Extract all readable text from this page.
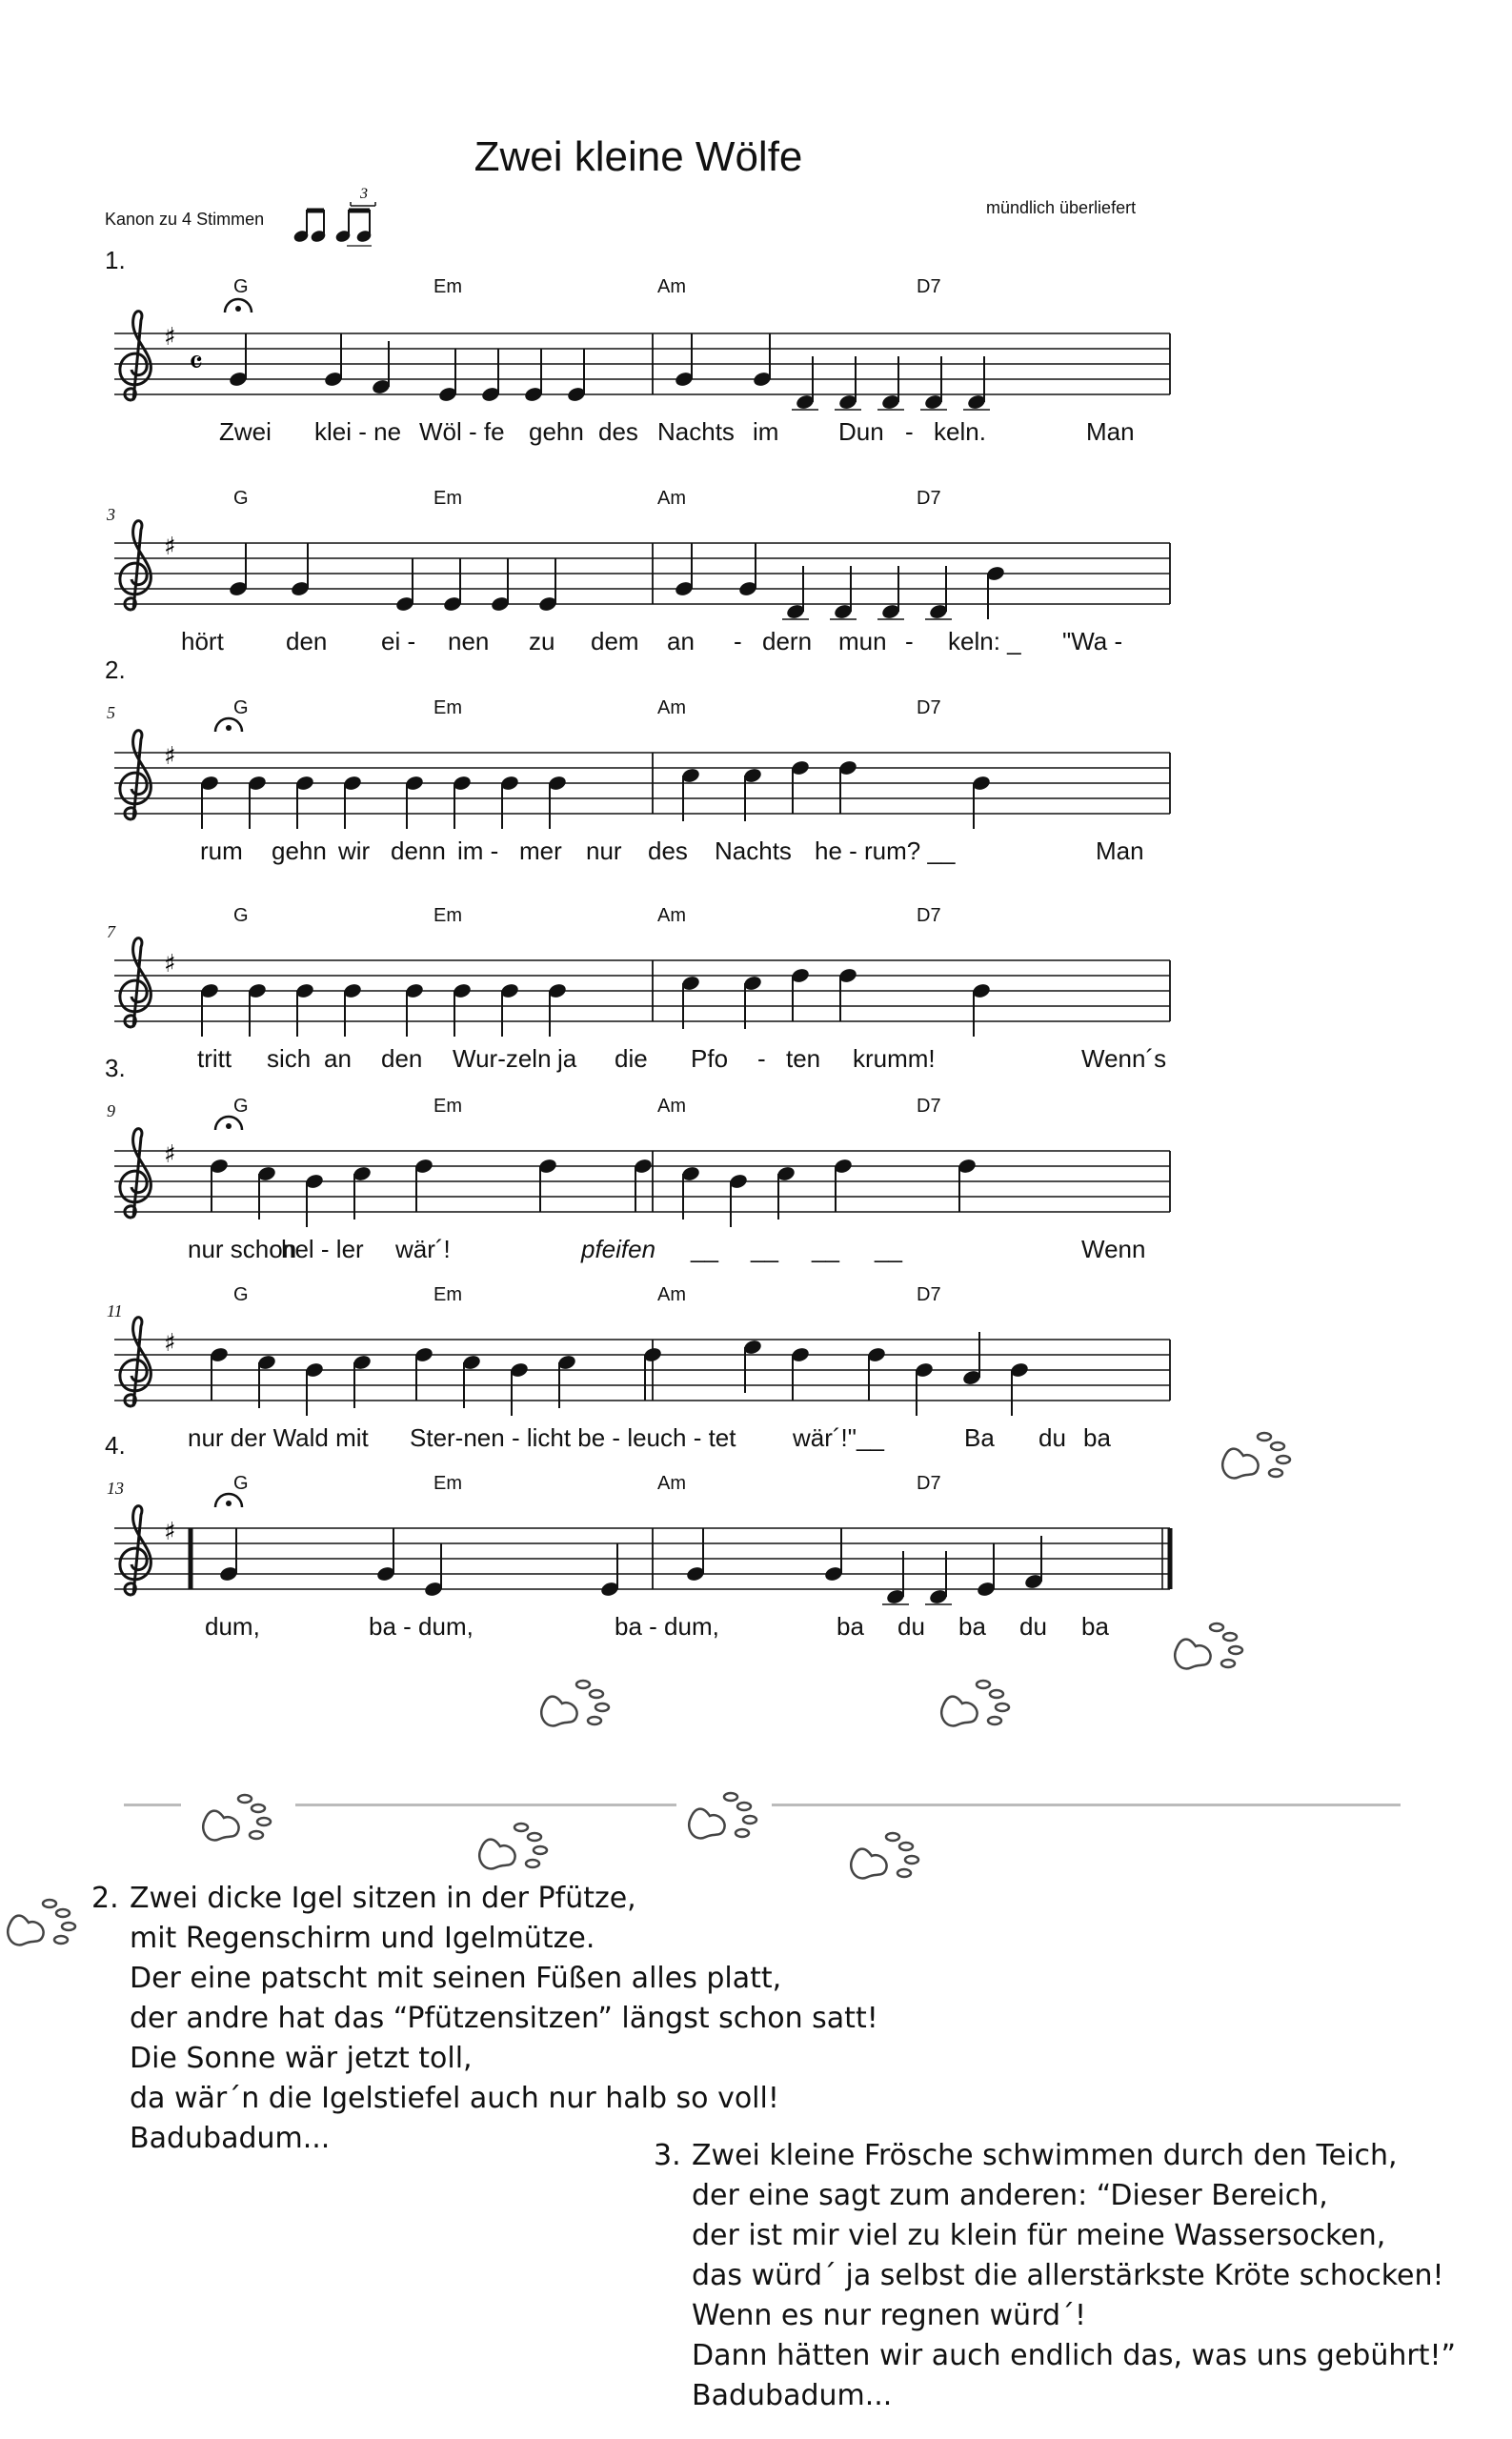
Zwei kleine Wölfe
Kanon zu 4 Stimmen
mündlich überliefert
3
1.
G	Em	Am	D7
♯
𝄴
Zwei klei - ne Wöl - fe gehn des Nachts im Dun - keln.	Man
3
G	Em	Am	D7
♯
hört	den ei - nen zu dem an - dern mun - keln: _ "Wa -
2.
5	G	Em	Am	D7
♯
rum gehn wir denn im - mer nur des Nachts he - rum? __	Man
7
G	Em	Am	D7
♯
tritt sich an den Wur-zeln ja die Pfo - ten krumm!	Wenn´s
3.
9	G	Em	Am	D7
♯
nur schon
hel - ler wär´!	pfeifen __ __ __ __	Wenn
11
G	Em	Am	D7
♯
nur der Wald mit Ster-nen - licht be - leuch - tet wär´!"__	Ba du ba
4.
13	G	Em	Am	D7
♯
dum,	ba - dum,	ba - dum,	ba du ba du ba
2. Zwei dicke Igel sitzen in der Pfütze,
mit Regenschirm und Igelmütze.
Der eine patscht mit seinen Füßen alles platt,
der andre hat das “Pfützensitzen” längst schon satt!
Die Sonne wär jetzt toll,
da wär´n die Igelstiefel auch nur halb so voll!
Badubadum...
3. Zwei kleine Frösche schwimmen durch den Teich,
der eine sagt zum anderen: “Dieser Bereich,
der ist mir viel zu klein für meine Wassersocken,
das würd´ ja selbst die allerstärkste Kröte schocken!
Wenn es nur regnen würd´!
Dann hätten wir auch endlich das, was uns gebührt!”
Badubadum...
